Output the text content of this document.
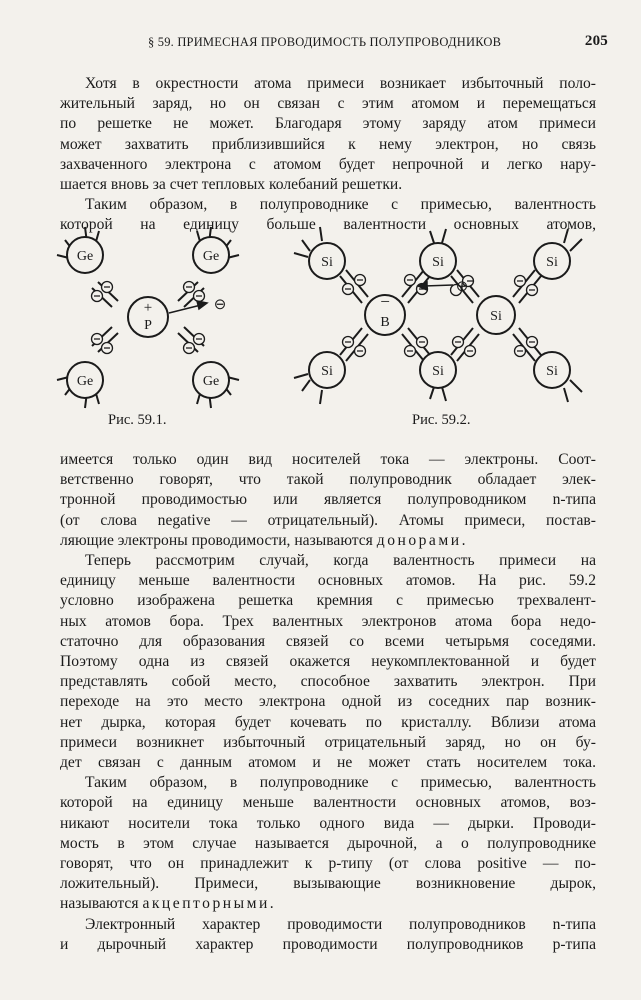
§ 59. ПРИМЕСНАЯ ПРОВОДИМОСТЬ ПОЛУПРОВОДНИКОВ	205

Хотя в окрестности атома примеси возникает избыточный поло-

жительный заряд, но он связан с этим атомом и перемещаться

по решетке не может. Благодаря этому заряду атом примеси

может захватить приблизившийся к нему электрон, но связь

захваченного электрона с атомом будет непрочной и легко нару-

шается вновь за счет тепловых колебаний решетки.

Таким образом, в полупроводнике с примесью, валентность

которой на единицу больше валентности основных атомов,

Ge	Ge
Ge	Ge
+
P
⊖
Рис. 59.1.
Si	Si	Si
Si
Si	Si	Si
−
B
⊕
Рис. 59.2.

имеется только один вид носителей тока — электроны. Соот-

ветственно говорят, что такой полупроводник обладает элек-

тронной проводимостью или является полупроводником n-типа

(от слова negative — отрицательный). Атомы примеси, постав-

ляющие электроны проводимости, называются донорами.

Теперь рассмотрим случай, когда валентность примеси на

единицу меньше валентности основных атомов. На рис. 59.2

условно изображена решетка кремния с примесью трехвалент-

ных атомов бора. Трех валентных электронов атома бора недо-

статочно для образования связей со всеми четырьмя соседями.

Поэтому одна из связей окажется неукомплектованной и будет

представлять собой место, способное захватить электрон. При

переходе на это место электрона одной из соседних пар возник-

нет дырка, которая будет кочевать по кристаллу. Вблизи атома

примеси возникнет избыточный отрицательный заряд, но он бу-

дет связан с данным атомом и не может стать носителем тока.

Таким образом, в полупроводнике с примесью, валентность

которой на единицу меньше валентности основных атомов, воз-

никают носители тока только одного вида — дырки. Проводи-

мость в этом случае называется дырочной, а о полупроводнике

говорят, что он принадлежит к p-типу (от слова positive — по-

ложительный). Примеси, вызывающие возникновение дырок,

называются акцепторными.

Электронный характер проводимости полупроводников n-типа

и дырочный характер проводимости полупроводников p-типа
